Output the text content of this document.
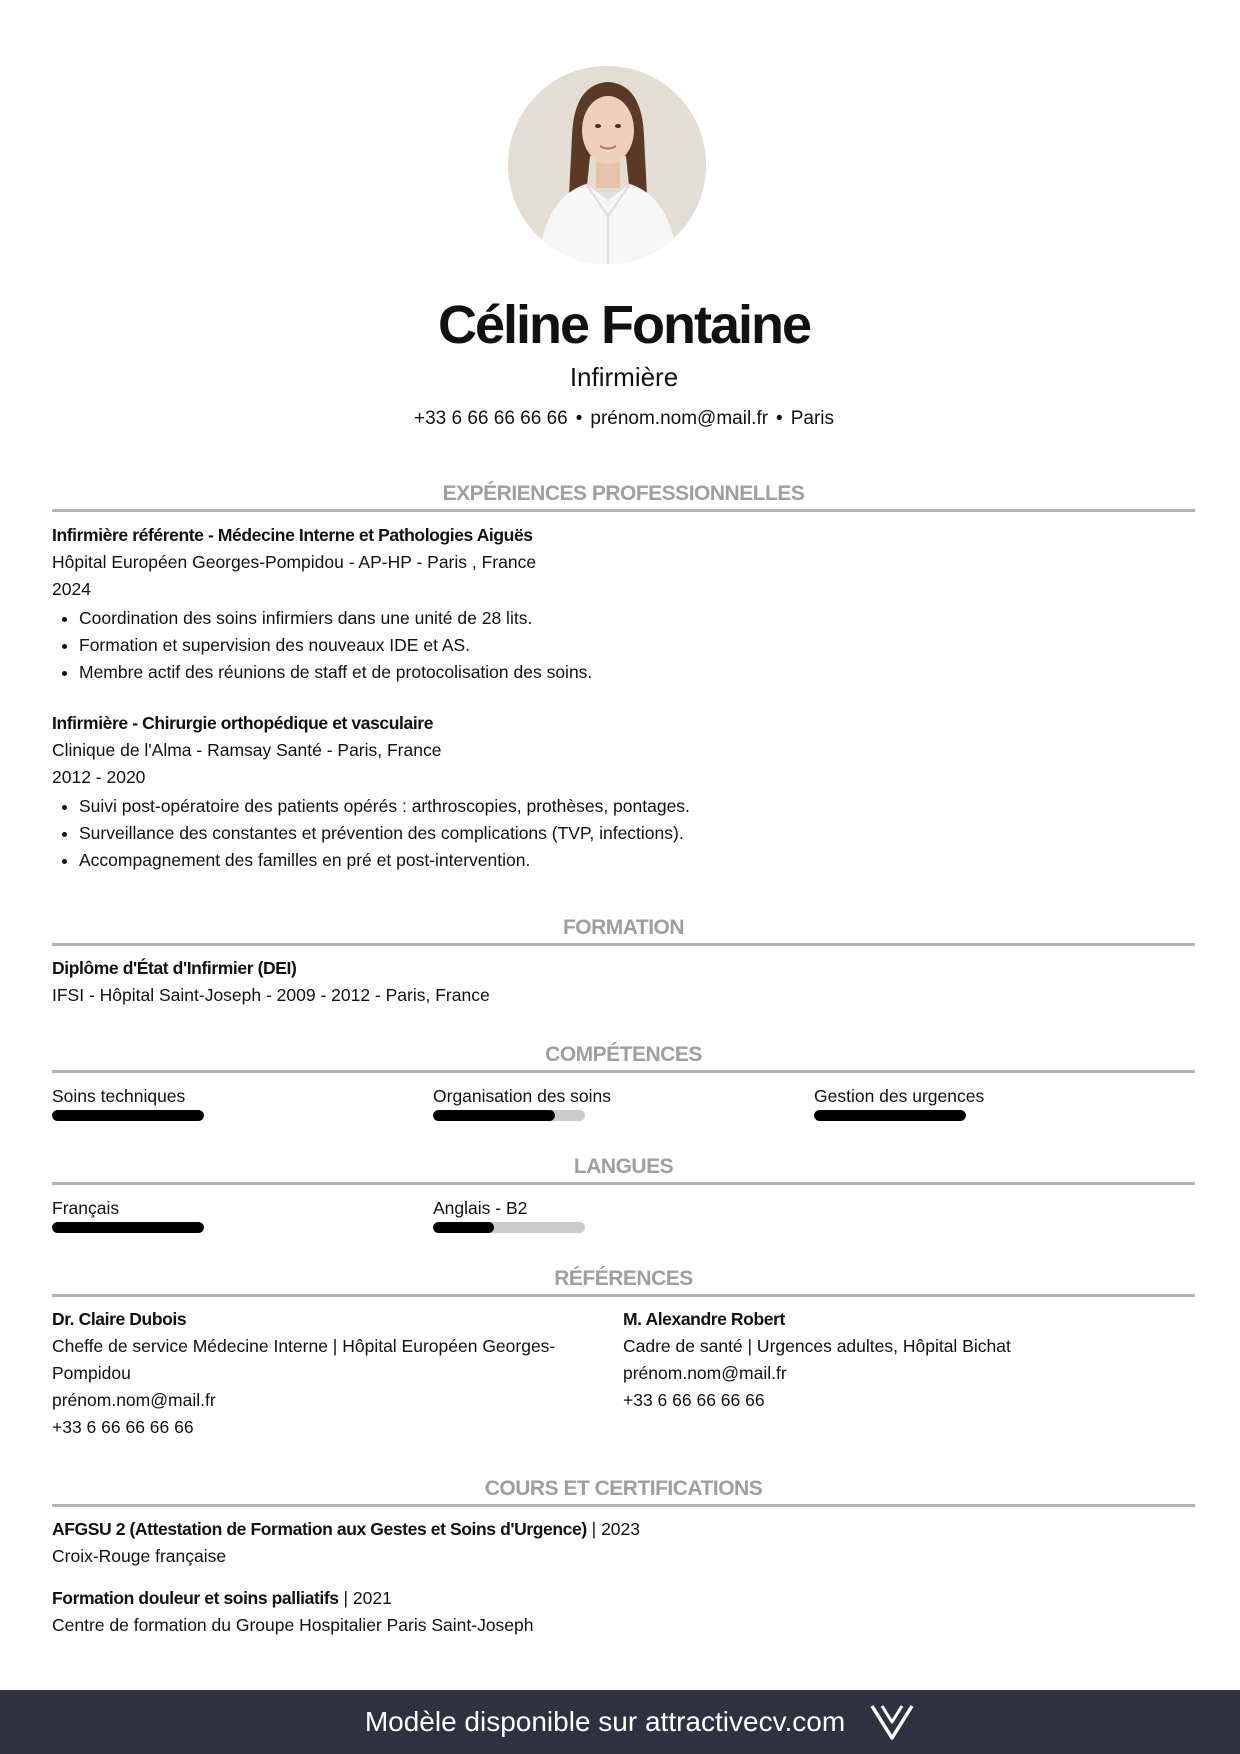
Céline Fontaine
Infirmière
+33 6 66 66 66 66 • prénom.nom@mail.fr • Paris
EXPÉRIENCES PROFESSIONNELLES
Infirmière référente - Médecine Interne et Pathologies Aiguës
Hôpital Européen Georges-Pompidou - AP-HP - Paris , France
2024
• Coordination des soins infirmiers dans une unité de 28 lits.
• Formation et supervision des nouveaux IDE et AS.
• Membre actif des réunions de staff et de protocolisation des soins.
Infirmière - Chirurgie orthopédique et vasculaire
Clinique de l'Alma - Ramsay Santé - Paris, France
2012 - 2020
• Suivi post-opératoire des patients opérés : arthroscopies, prothèses, pontages.
• Surveillance des constantes et prévention des complications (TVP, infections).
• Accompagnement des familles en pré et post-intervention.
FORMATION
Diplôme d'État d'Infirmier (DEI)
IFSI - Hôpital Saint-Joseph - 2009 - 2012 - Paris, France
COMPÉTENCES
Soins techniques	Organisation des soins	Gestion des urgences
LANGUES
Français	Anglais - B2
RÉFÉRENCES
Dr. Claire Dubois
Cheffe de service Médecine Interne | Hôpital Européen Georges-Pompidou
prénom.nom@mail.fr
+33 6 66 66 66 66
M. Alexandre Robert
Cadre de santé | Urgences adultes, Hôpital Bichat
prénom.nom@mail.fr
+33 6 66 66 66 66
COURS ET CERTIFICATIONS
AFGSU 2 (Attestation de Formation aux Gestes et Soins d'Urgence) | 2023
Croix-Rouge française
Formation douleur et soins palliatifs | 2021
Centre de formation du Groupe Hospitalier Paris Saint-Joseph
Modèle disponible sur attractivecv.com
